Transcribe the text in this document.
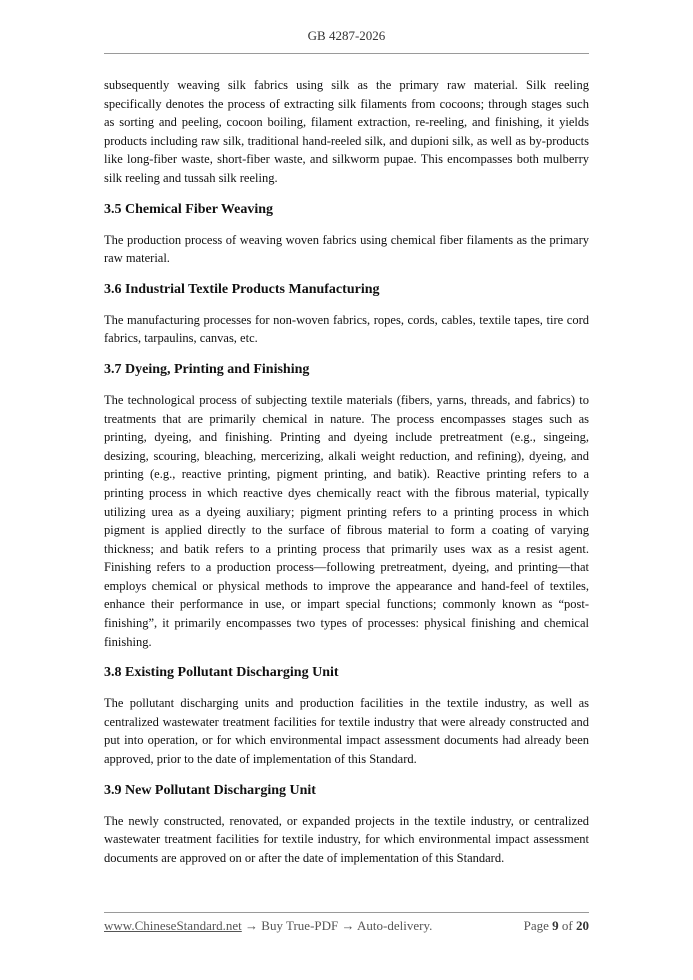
GB 4287-2026

subsequently weaving silk fabrics using silk as the primary raw material. Silk reeling specifically denotes the process of extracting silk filaments from cocoons; through stages such as sorting and peeling, cocoon boiling, filament extraction, re-reeling, and finishing, it yields products including raw silk, traditional hand-reeled silk, and dupioni silk, as well as by-products like long-fiber waste, short-fiber waste, and silkworm pupae. This encompasses both mulberry silk reeling and tussah silk reeling.

3.5 Chemical Fiber Weaving

The production process of weaving woven fabrics using chemical fiber filaments as the primary raw material.

3.6 Industrial Textile Products Manufacturing

The manufacturing processes for non-woven fabrics, ropes, cords, cables, textile tapes, tire cord fabrics, tarpaulins, canvas, etc.

3.7 Dyeing, Printing and Finishing

The technological process of subjecting textile materials (fibers, yarns, threads, and fabrics) to treatments that are primarily chemical in nature. The process encompasses stages such as printing, dyeing, and finishing. Printing and dyeing include pretreatment (e.g., singeing, desizing, scouring, bleaching, mercerizing, alkali weight reduction, and refining), dyeing, and printing (e.g., reactive printing, pigment printing, and batik). Reactive printing refers to a printing process in which reactive dyes chemically react with the fibrous material, typically utilizing urea as a dyeing auxiliary; pigment printing refers to a printing process in which pigment is applied directly to the surface of fibrous material to form a coating of varying thickness; and batik refers to a printing process that primarily uses wax as a resist agent. Finishing refers to a production process—following pretreatment, dyeing, and printing—that employs chemical or physical methods to improve the appearance and hand-feel of textiles, enhance their performance in use, or impart special functions; commonly known as “post-finishing”, it primarily encompasses two types of processes: physical finishing and chemical finishing.

3.8 Existing Pollutant Discharging Unit

The pollutant discharging units and production facilities in the textile industry, as well as centralized wastewater treatment facilities for textile industry that were already constructed and put into operation, or for which environmental impact assessment documents had already been approved, prior to the date of implementation of this Standard.

3.9 New Pollutant Discharging Unit

The newly constructed, renovated, or expanded projects in the textile industry, or centralized wastewater treatment facilities for textile industry, for which environmental impact assessment documents are approved on or after the date of implementation of this Standard.

www.ChineseStandard.net → Buy True-PDF → Auto-delivery.	Page 9 of 20
